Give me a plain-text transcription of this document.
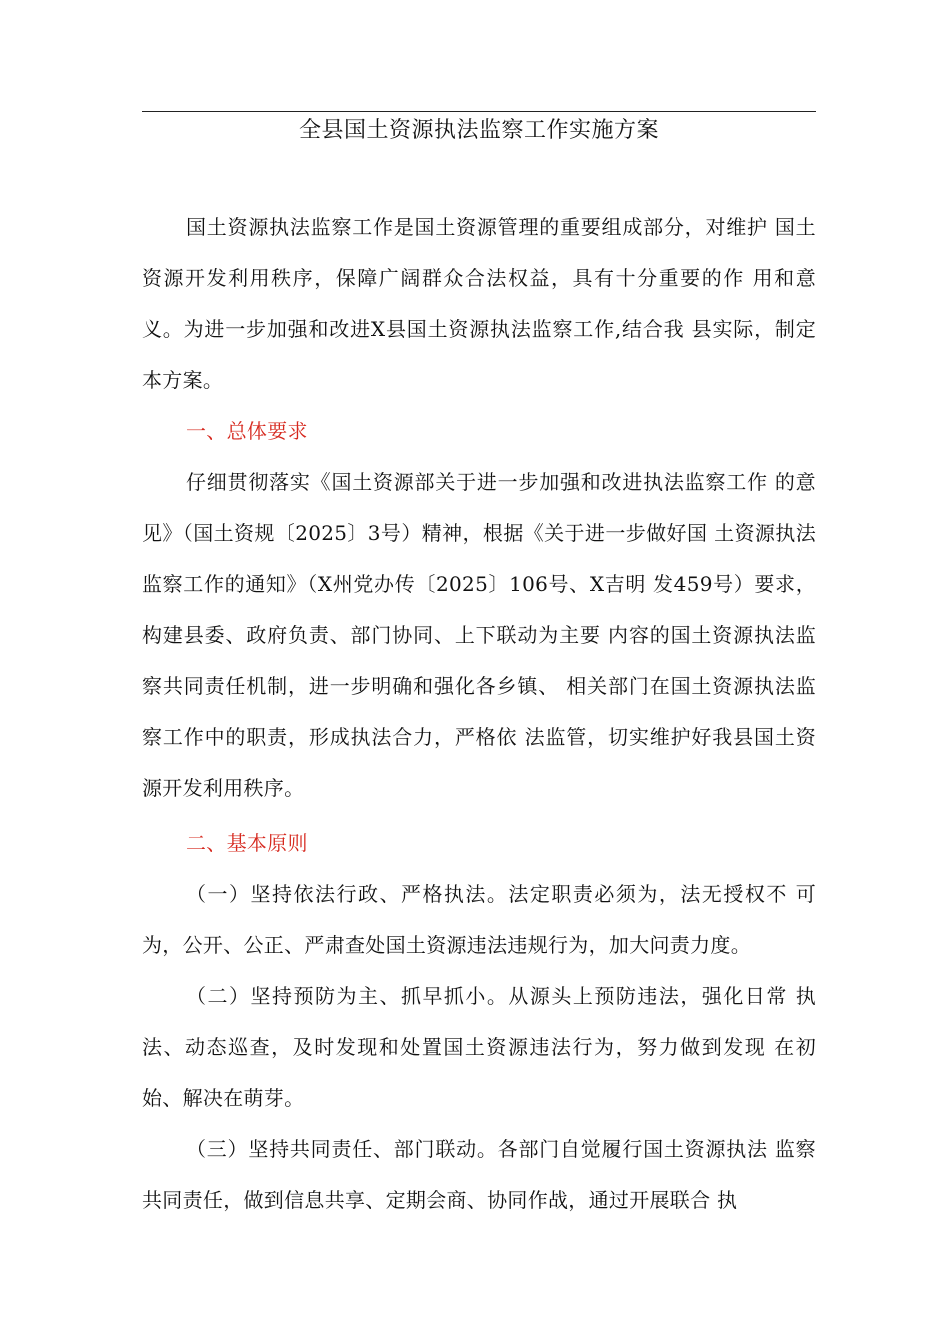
全县国土资源执法监察工作实施方案

国土资源执法监察工作是国土资源管理的重要组成部分，对维护 国土资源开发利用秩序，保障广阔群众合法权益，具有十分重要的作 用和意义。为进一步加强和改进X县国土资源执法监察工作,结合我 县实际，制定本方案。

一、总体要求

仔细贯彻落实《国土资源部关于进一步加强和改进执法监察工作 的意见》（国土资规〔2025〕3号）精神，根据《关于进一步做好国 土资源执法监察工作的通知》（X州党办传〔2025〕106号、X吉明 发459号）要求，构建县委、政府负责、部门协同、上下联动为主要 内容的国土资源执法监察共同责任机制，进一步明确和强化各乡镇、 相关部门在国土资源执法监察工作中的职责，形成执法合力，严格依 法监管，切实维护好我县国土资源开发利用秩序。

二、基本原则

（一）坚持依法行政、严格执法。法定职责必须为，法无授权不 可为，公开、公正、严肃查处国土资源违法违规行为，加大问责力度。

（二）坚持预防为主、抓早抓小。从源头上预防违法，强化日常 执法、动态巡查，及时发现和处置国土资源违法行为，努力做到发现 在初始、解决在萌芽。

（三）坚持共同责任、部门联动。各部门自觉履行国土资源执法 监察共同责任，做到信息共享、定期会商、协同作战，通过开展联合 执
